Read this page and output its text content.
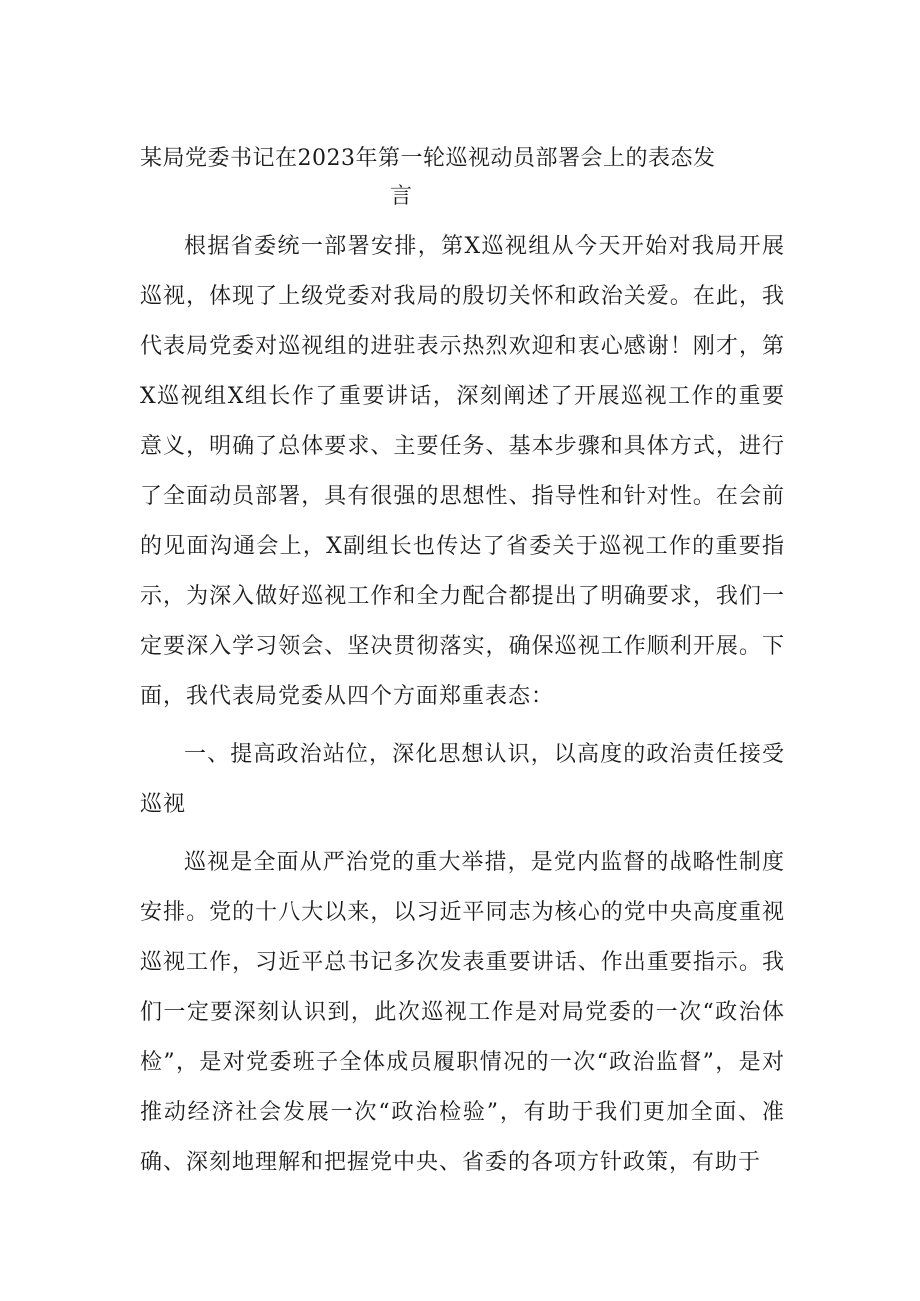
某局党委书记在2023年第一轮巡视动员部署会上的表态发
言

根据省委统一部署安排，第X巡视组从今天开始对我局开展巡视，体现了上级党委对我局的殷切关怀和政治关爱。在此，我代表局党委对巡视组的进驻表示热烈欢迎和衷心感谢！刚才，第X巡视组X组长作了重要讲话，深刻阐述了开展巡视工作的重要意义，明确了总体要求、主要任务、基本步骤和具体方式，进行了全面动员部署，具有很强的思想性、指导性和针对性。在会前的见面沟通会上，X副组长也传达了省委关于巡视工作的重要指示，为深入做好巡视工作和全力配合都提出了明确要求，我们一定要深入学习领会、坚决贯彻落实，确保巡视工作顺利开展。下面，我代表局党委从四个方面郑重表态：

一、提高政治站位，深化思想认识，以高度的政治责任接受巡视

巡视是全面从严治党的重大举措，是党内监督的战略性制度安排。党的十八大以来，以习近平同志为核心的党中央高度重视巡视工作，习近平总书记多次发表重要讲话、作出重要指示。我们一定要深刻认识到，此次巡视工作是对局党委的一次“政治体检”，是对党委班子全体成员履职情况的一次“政治监督”，是对推动经济社会发展一次“政治检验”，有助于我们更加全面、准确、深刻地理解和把握党中央、省委的各项方针政策，有助于
